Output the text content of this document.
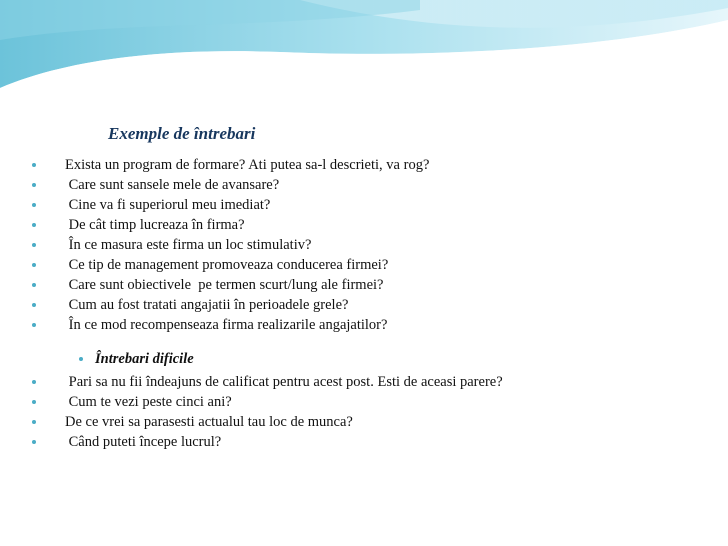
Exemple de întrebari
Exista un program de formare? Ati putea sa-l descrieti, va rog?
Care sunt sansele mele de avansare?
Cine va fi superiorul meu imediat?
De cât timp lucreaza în firma?
În ce masura este firma un loc stimulativ?
Ce tip de management promoveaza conducerea firmei?
Care sunt obiectivele  pe termen scurt/lung ale firmei?
Cum au fost tratati angajatii în perioadele grele?
În ce mod recompenseaza firma realizarile angajatilor?
Întrebari dificile
Pari sa nu fii îndeajuns de calificat pentru acest post. Esti de aceasi parere?
Cum te vezi peste cinci ani?
De ce vrei sa parasesti actualul tau loc de munca?
Când puteti începe lucrul?
